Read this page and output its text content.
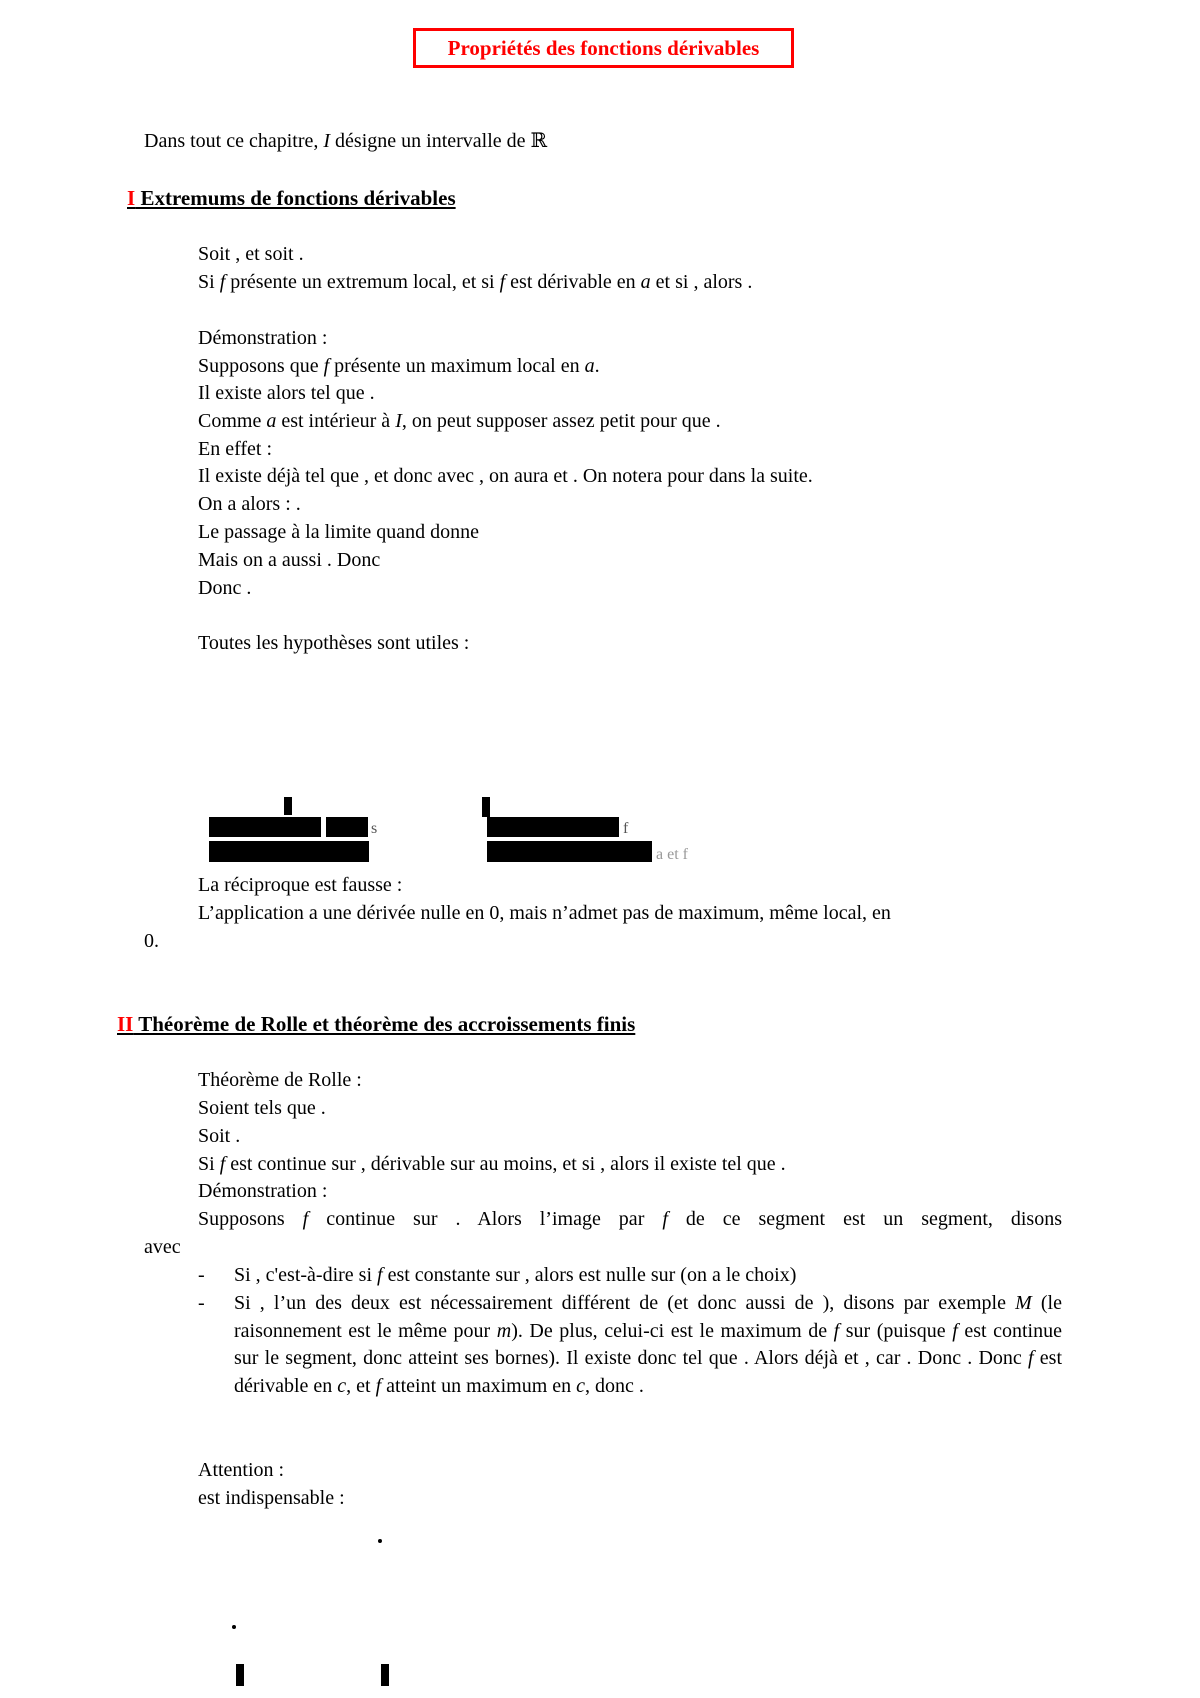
Propriétés des fonctions dérivables
Dans tout ce chapitre, I désigne un intervalle de ℝ
I Extremums de fonctions dérivables
Soit , et soit .
Si f présente un extremum local, et si f est dérivable en a et si , alors .
Démonstration :
Supposons que f présente un maximum local en a.
Il existe alors tel que .
Comme a est intérieur à I, on peut supposer assez petit pour que .
En effet :
Il existe déjà tel que , et donc avec , on aura et . On notera pour dans la suite.
On a alors : .
Le passage à la limite quand donne
Mais on a aussi . Donc
Donc .
Toutes les hypothèses sont utiles :
s	f
a et f
La réciproque est fausse :
L’application a une dérivée nulle en 0, mais n’admet pas de maximum, même local, en
0.
II Théorème de Rolle et théorème des accroissements finis
Théorème de Rolle :
Soient tels que .
Soit .
Si f est continue sur , dérivable sur au moins, et si , alors il existe tel que .
Démonstration :
Supposons f continue sur . Alors l’image par f de ce segment est un segment, disons
avec
- Si , c'est-à-dire si f est constante sur , alors est nulle sur (on a le choix)
- Si , l’un des deux est nécessairement différent de (et donc aussi de ), disons par exemple M (le raisonnement est le même pour m). De plus, celui-ci est le maximum de f sur (puisque f est continue sur le segment, donc atteint ses bornes). Il existe donc tel que . Alors déjà et , car . Donc . Donc f est dérivable en c, et f atteint un maximum en c, donc .
Attention :
est indispensable :
